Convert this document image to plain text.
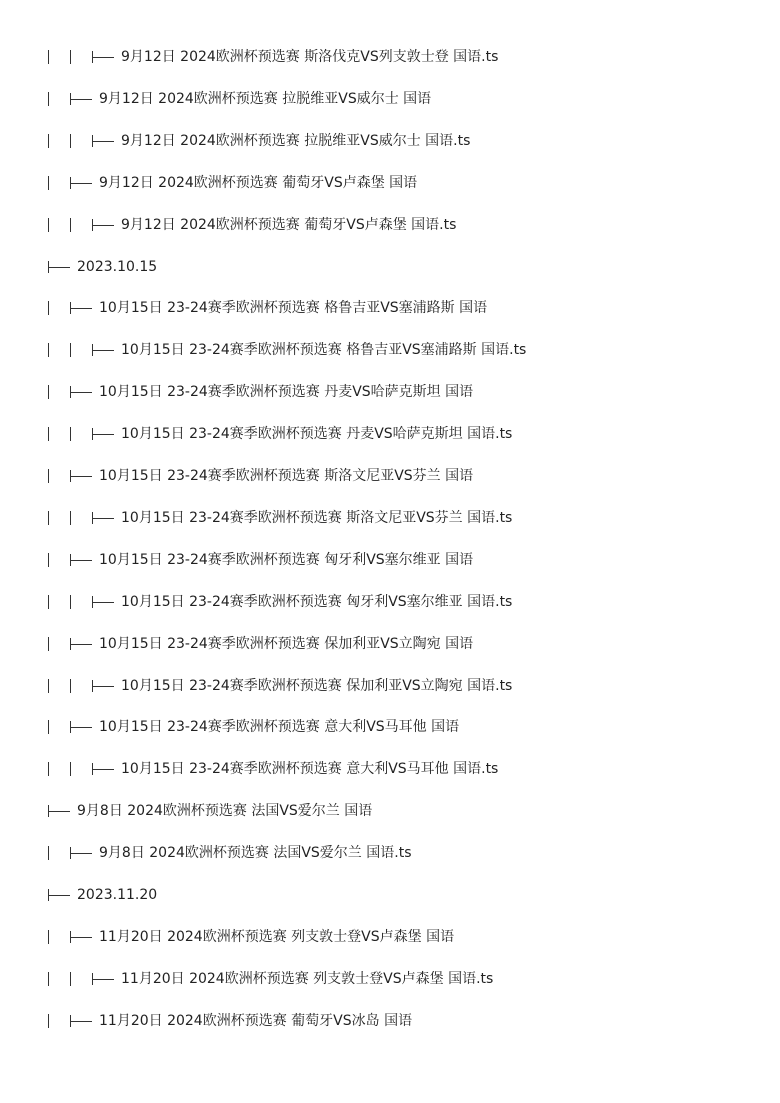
9月12日 2024欧洲杯预选赛 斯洛伐克VS列支敦士登 国语.ts
9月12日 2024欧洲杯预选赛 拉脱维亚VS威尔士 国语
9月12日 2024欧洲杯预选赛 拉脱维亚VS威尔士 国语.ts
9月12日 2024欧洲杯预选赛 葡萄牙VS卢森堡 国语
9月12日 2024欧洲杯预选赛 葡萄牙VS卢森堡 国语.ts
2023.10.15
10月15日 23-24赛季欧洲杯预选赛 格鲁吉亚VS塞浦路斯 国语
10月15日 23-24赛季欧洲杯预选赛 格鲁吉亚VS塞浦路斯 国语.ts
10月15日 23-24赛季欧洲杯预选赛 丹麦VS哈萨克斯坦 国语
10月15日 23-24赛季欧洲杯预选赛 丹麦VS哈萨克斯坦 国语.ts
10月15日 23-24赛季欧洲杯预选赛 斯洛文尼亚VS芬兰 国语
10月15日 23-24赛季欧洲杯预选赛 斯洛文尼亚VS芬兰 国语.ts
10月15日 23-24赛季欧洲杯预选赛 匈牙利VS塞尔维亚 国语
10月15日 23-24赛季欧洲杯预选赛 匈牙利VS塞尔维亚 国语.ts
10月15日 23-24赛季欧洲杯预选赛 保加利亚VS立陶宛 国语
10月15日 23-24赛季欧洲杯预选赛 保加利亚VS立陶宛 国语.ts
10月15日 23-24赛季欧洲杯预选赛 意大利VS马耳他 国语
10月15日 23-24赛季欧洲杯预选赛 意大利VS马耳他 国语.ts
9月8日 2024欧洲杯预选赛 法国VS爱尔兰 国语
9月8日 2024欧洲杯预选赛 法国VS爱尔兰 国语.ts
2023.11.20
11月20日 2024欧洲杯预选赛 列支敦士登VS卢森堡 国语
11月20日 2024欧洲杯预选赛 列支敦士登VS卢森堡 国语.ts
11月20日 2024欧洲杯预选赛 葡萄牙VS冰岛 国语
